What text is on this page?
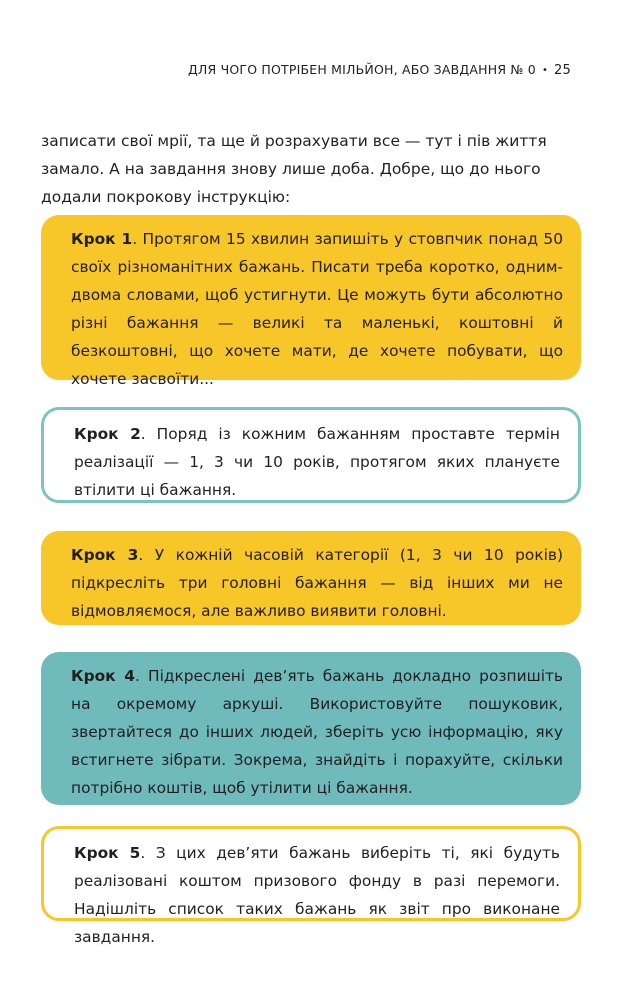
ДЛЯ ЧОГО ПОТРІБЕН МІЛЬЙОН, АБО ЗАВДАННЯ № 0 • 25

записати свої мрії, та ще й розрахувати все — тут і пів життя замало. А на завдання знову лише доба. Добре, що до нього додали покрокову інструкцію:

Крок 1. Протягом 15 хвилин запишіть у стовпчик понад 50 своїх різноманітних бажань. Писати треба коротко, одним-двома словами, щоб устигнути. Це можуть бути абсолютно різні бажання — великі та маленькі, коштовні й безкоштовні, що хочете мати, де хочете побувати, що хочете засвоїти...
Крок 2. Поряд із кожним бажанням проставте термін реалізації — 1, 3 чи 10 років, протягом яких плануєте втілити ці бажання.
Крок 3. У кожній часовій категорії (1, 3 чи 10 років) підкресліть три головні бажання — від інших ми не відмовляємося, але важливо виявити головні.
Крок 4. Підкреслені дев’ять бажань докладно розпишіть на окремому аркуші. Використовуйте пошуковик, звертайтеся до інших людей, зберіть усю інформацію, яку встигнете зібрати. Зокрема, знайдіть і порахуйте, скільки потрібно коштів, щоб утілити ці бажання.
Крок 5. З цих дев’яти бажань виберіть ті, які будуть реалізовані коштом призового фонду в разі перемоги. Надішліть список таких бажань як звіт про виконане завдання.
